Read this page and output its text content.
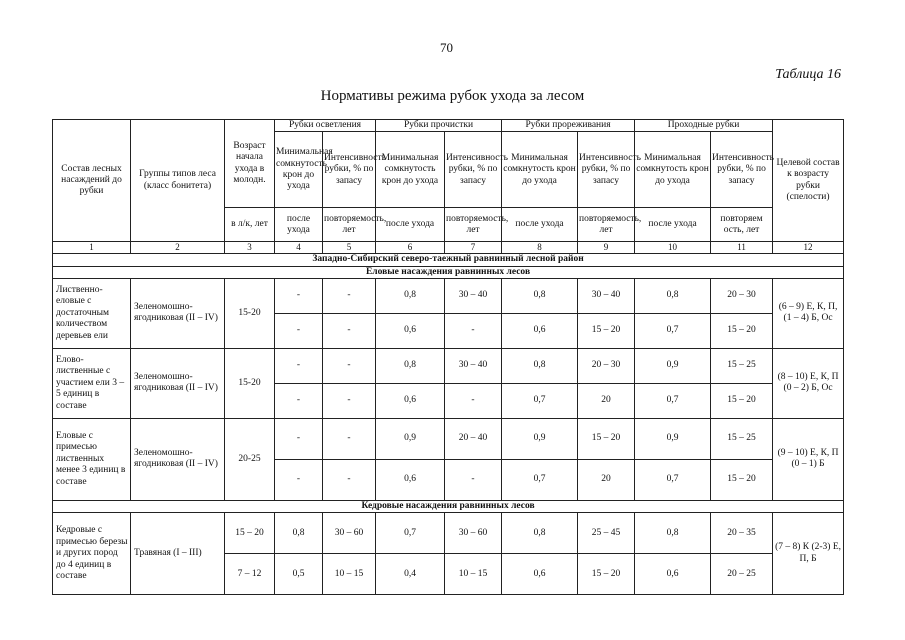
70
Таблица 16
Нормативы режима рубок ухода за лесом
Состав лесных насаждений до рубки	Группы типов леса (класс бонитета)	Возраст начала ухода в молодн.	Рубки осветления		Рубки прочистки		Рубки прореживания		Проходные рубки		Целевой состав к возрасту рубки (спелости)
			Минимальная сомкнутость крон до ухода	Интенсивность рубки, % по запасу	Минимальная сомкнутость крон до ухода	Интенсивность рубки, % по запасу	Минимальная сомкнутость крон до ухода	Интенсивность рубки, % по запасу	Минимальная сомкнутость крон до ухода	Интенсивность рубки, % по запасу	
		в л/к, лет	после ухода	повторяемость, лет	после ухода	повторяемость, лет	после ухода	повторяемость, лет	после ухода	повторяем ость, лет	
1	2	3	4	5	6	7	8	9	10	11	12
Западно-Сибирский северо-таежный равнинный лесной район											
Еловые насаждения равнинных лесов											
Лиственно-еловые с достаточным количеством деревьев ели	Зеленомошно-ягодниковая (II – IV)	15-20	-	-	0,8	30 – 40	0,8	30 – 40	0,8	20 – 30	(6 – 9) Е, К, П, (1 – 4) Б, Ос
			-	-	0,6	-	0,6	15 – 20	0,7	15 – 20	
Елово-лиственные с участием ели 3 – 5 единиц в составе	Зеленомошно-ягодниковая (II – IV)	15-20	-	-	0,8	30 – 40	0,8	20 – 30	0,9	15 – 25	(8 – 10) Е, К, П (0 – 2) Б, Ос
			-	-	0,6	-	0,7	20	0,7	15 – 20	
Еловые с примесью лиственных менее 3 единиц в составе	Зеленомошно-ягодниковая (II – IV)	20-25	-	-	0,9	20 – 40	0,9	15 – 20	0,9	15 – 25	(9 – 10) Е, К, П (0 – 1) Б
			-	-	0,6	-	0,7	20	0,7	15 – 20	
Кедровые насаждения равнинных лесов											
Кедровые с примесью березы и других пород до 4 единиц в составе	Травяная (I – III)	15 – 20	0,8	30 – 60	0,7	30 – 60	0,8	25 – 45	0,8	20 – 35	(7 – 8) К (2-3) Е, П, Б
		7 – 12	0,5	10 – 15	0,4	10 – 15	0,6	15 – 20	0,6	20 – 25	
